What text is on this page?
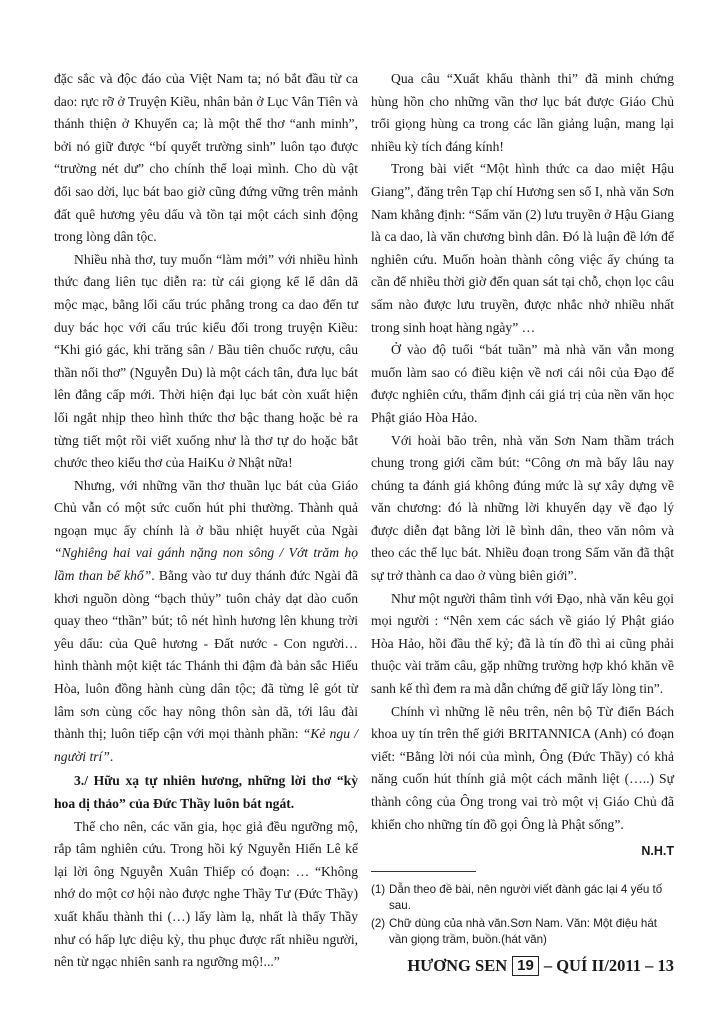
đặc sắc và độc đáo của Việt Nam ta; nó bắt đầu từ ca dao: rực rỡ ở Truyện Kiều, nhân bản ở Lục Vân Tiên và thánh thiện ở Khuyến ca; là một thể thơ “anh minh”, bởi nó giữ được “bí quyết trường sinh” luôn tạo được “trường nét dư” cho chính thể loại mình. Cho dù vật đổi sao dời, lục bát bao giờ cũng đứng vững trên mảnh đất quê hương yêu dấu và tồn tại một cách sinh động trong lòng dân tộc.

Nhiều nhà thơ, tuy muốn “làm mới” với nhiều hình thức đang liên tục diễn ra: từ cái giọng kể lể dân dã mộc mạc, bằng lối cấu trúc phẳng trong ca dao đến tư duy bác học với cấu trúc kiểu đối trong truyện Kiều: “Khi gió gác, khi trăng sân / Bầu tiên chuốc rượu, câu thần nối thơ” (Nguyễn Du) là một cách tân, đưa lục bát lên đẳng cấp mới. Thời hiện đại lục bát còn xuất hiện lối ngắt nhịp theo hình thức thơ bậc thang hoặc bẻ ra từng tiết một rồi viết xuống như là thơ tự do hoặc bắt chước theo kiểu thơ của HaiKu ở Nhật nữa!

Nhưng, với những vần thơ thuần lục bát của Giáo Chủ vẫn có một sức cuốn hút phi thường. Thành quả ngoạn mục ấy chính là ở bầu nhiệt huyết của Ngài “Nghiêng hai vai gánh nặng non sông / Vớt trăm họ lầm than bể khổ”. Bằng vào tư duy thánh đức Ngài đã khơi nguồn dòng “bạch thủy” tuôn chảy dạt dào cuốn quay theo “thần” bút; tô nét hình hương lên khung trời yêu dấu: của Quê hương - Đất nước - Con người… hình thành một kiệt tác Thánh thi đậm đà bản sắc Hiếu Hòa, luôn đồng hành cùng dân tộc; đã từng lê gót từ lâm sơn cùng cốc hay nông thôn sàn dã, tới lâu đài thành thị; luôn tiếp cận với mọi thành phần: “Kẻ ngu / người trí”.

3./ Hữu xạ tự nhiên hương, những lời thơ “kỳ hoa dị thảo” của Đức Thầy luôn bát ngát.

Thế cho nên, các văn gia, học giả đều ngưỡng mộ, rắp tâm nghiên cứu. Trong hồi ký Nguyễn Hiến Lê kể lại lời ông Nguyễn Xuân Thiếp có đoạn: … “Không nhớ do một cơ hội nào được nghe Thầy Tư (Đức Thầy) xuất khẩu thành thi (…) lấy làm lạ, nhất là thấy Thầy như có hấp lực diệu kỳ, thu phục được rất nhiều người, nên từ ngạc nhiên sanh ra ngưỡng mộ!...”

Qua câu “Xuất khẩu thành thi” đã minh chứng hùng hồn cho những vần thơ lục bát được Giáo Chủ trổi giọng hùng ca trong các lần giảng luận, mang lại nhiều kỳ tích đáng kính!

Trong bài viết “Một hình thức ca dao miệt Hậu Giang”, đăng trên Tạp chí Hương sen số I, nhà văn Sơn Nam khẳng định: “Sấm văn (2) lưu truyền ở Hậu Giang là ca dao, là văn chương bình dân. Đó là luận đề lớn để nghiên cứu. Muốn hoàn thành công việc ấy chúng ta cần để nhiều thời giờ đến quan sát tại chỗ, chọn lọc câu sấm nào được lưu truyền, được nhắc nhở nhiều nhất trong sinh hoạt hàng ngày” …

Ở vào độ tuổi “bát tuần” mà nhà văn vẫn mong muốn làm sao có điều kiện về nơi cái nôi của Đạo để được nghiên cứu, thẩm định cái giá trị của nền văn học Phật giáo Hòa Hảo.

Với hoài bão trên, nhà văn Sơn Nam thầm trách chung trong giới cầm bút: “Công ơn mà bấy lâu nay chúng ta đánh giá không đúng mức là sự xây dựng về văn chương: đó là những lời khuyến dạy về đạo lý được diễn đạt bằng lời lẽ bình dân, theo văn nôm và theo các thể lục bát. Nhiều đoạn trong Sấm văn đã thật sự trở thành ca dao ở vùng biên giới”.

Như một người thâm tình với Đạo, nhà văn kêu gọi mọi người : “Nên xem các sách về giáo lý Phật giáo Hòa Hảo, hồi đầu thế kỷ; đã là tín đồ thì ai cũng phải thuộc vài trăm câu, gặp những trường hợp khó khăn về sanh kế thì đem ra mà dẫn chứng để giữ lấy lòng tin”.

Chính vì những lẽ nêu trên, nên bộ Từ điển Bách khoa uy tín trên thế giới BRITANNICA (Anh) có đoạn viết: “Bằng lời nói của mình, Ông (Đức Thầy) có khả năng cuốn hút thính giả một cách mãnh liệt (…..) Sự thành công của Ông trong vai trò một vị Giáo Chủ đã khiến cho những tín đồ gọi Ông là Phật sống”.

N.H.T

(1) Dẫn theo đề bài, nên người viết đành gác lại 4 yếu tố sau.
(2) Chữ dùng của nhà văn.Sơn Nam. Văn: Một điệu hát vần giọng trầm, buồn.(hát văn)
HƯƠNG SEN 19 – QUÍ II/2011 – 13
